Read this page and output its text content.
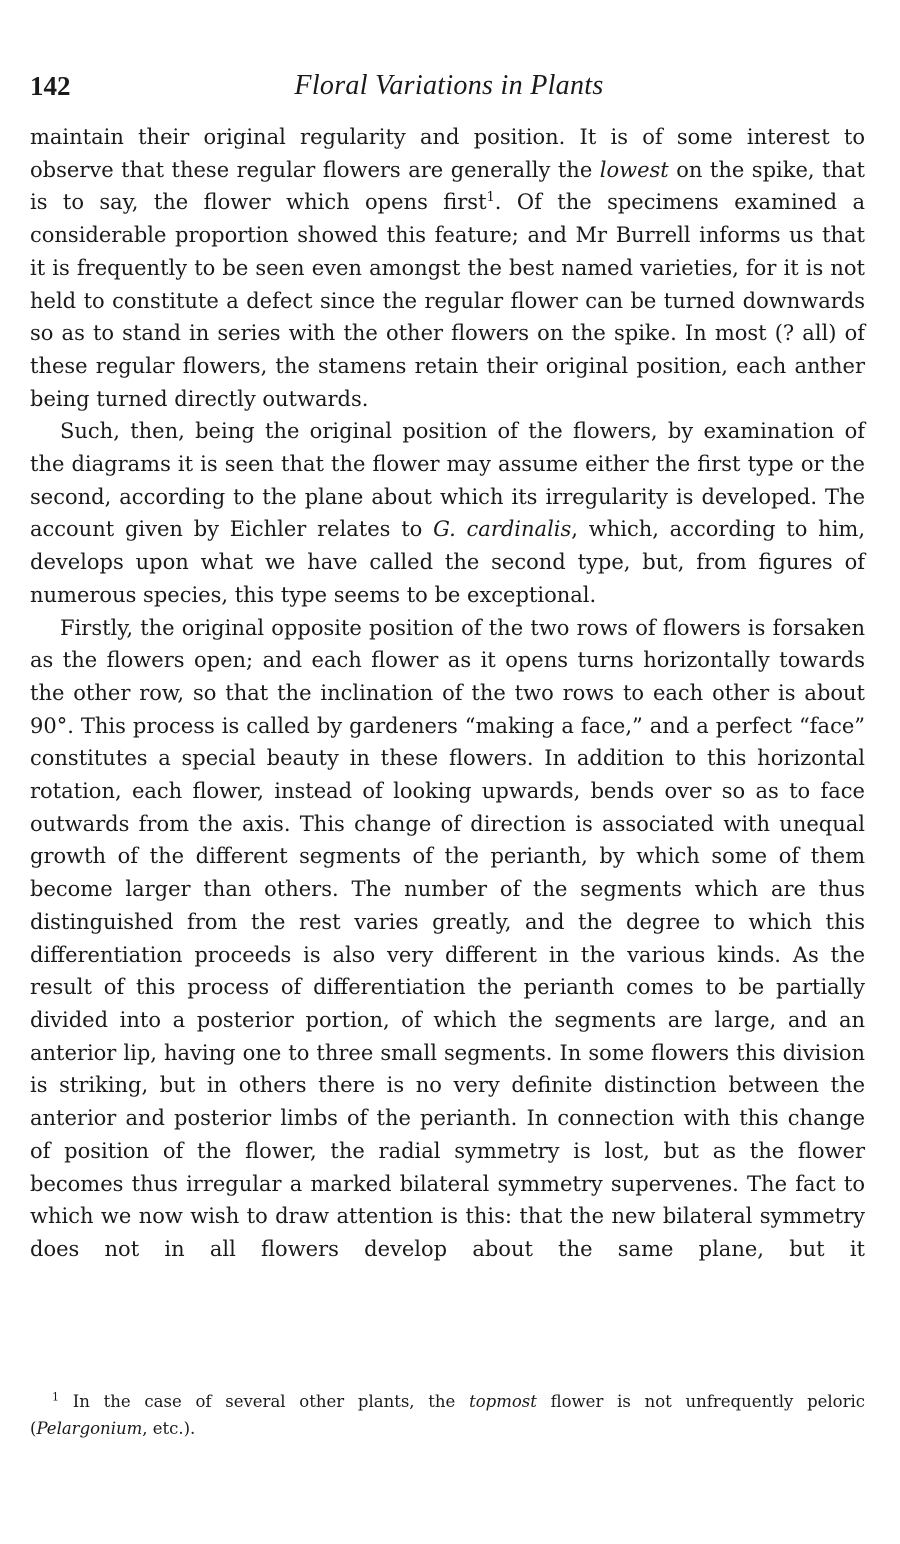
142	Floral Variations in Plants

maintain their original regularity and position. It is of some interest to observe that these regular flowers are generally the lowest on the spike, that is to say, the flower which opens first$^1$. Of the specimens examined a considerable proportion showed this feature; and Mr Burrell informs us that it is frequently to be seen even amongst the best named varieties, for it is not held to constitute a defect since the regular flower can be turned downwards so as to stand in series with the other flowers on the spike. In most (? all) of these regular flowers, the stamens retain their original position, each anther being turned directly outwards.

Such, then, being the original position of the flowers, by examination of the diagrams it is seen that the flower may assume either the first type or the second, according to the plane about which its irregularity is developed. The account given by Eichler relates to G. cardinalis, which, according to him, develops upon what we have called the second type, but, from figures of numerous species, this type seems to be exceptional.

Firstly, the original opposite position of the two rows of flowers is forsaken as the flowers open; and each flower as it opens turns horizontally towards the other row, so that the inclination of the two rows to each other is about 90°. This process is called by gardeners “making a face,” and a perfect “face” constitutes a special beauty in these flowers. In addition to this horizontal rotation, each flower, instead of looking upwards, bends over so as to face outwards from the axis. This change of direction is associated with unequal growth of the different segments of the perianth, by which some of them become larger than others. The number of the segments which are thus distinguished from the rest varies greatly, and the degree to which this differentiation proceeds is also very different in the various kinds. As the result of this process of differentiation the perianth comes to be partially divided into a posterior portion, of which the segments are large, and an anterior lip, having one to three small segments. In some flowers this division is striking, but in others there is no very definite distinction between the anterior and posterior limbs of the perianth. In connection with this change of position of the flower, the radial symmetry is lost, but as the flower becomes thus irregular a marked bilateral symmetry supervenes. The fact to which we now wish to draw attention is this: that the new bilateral symmetry does not in all flowers develop about the same plane, but it

$^1$ In the case of several other plants, the topmost flower is not unfrequently peloric (Pelargonium, etc.).
